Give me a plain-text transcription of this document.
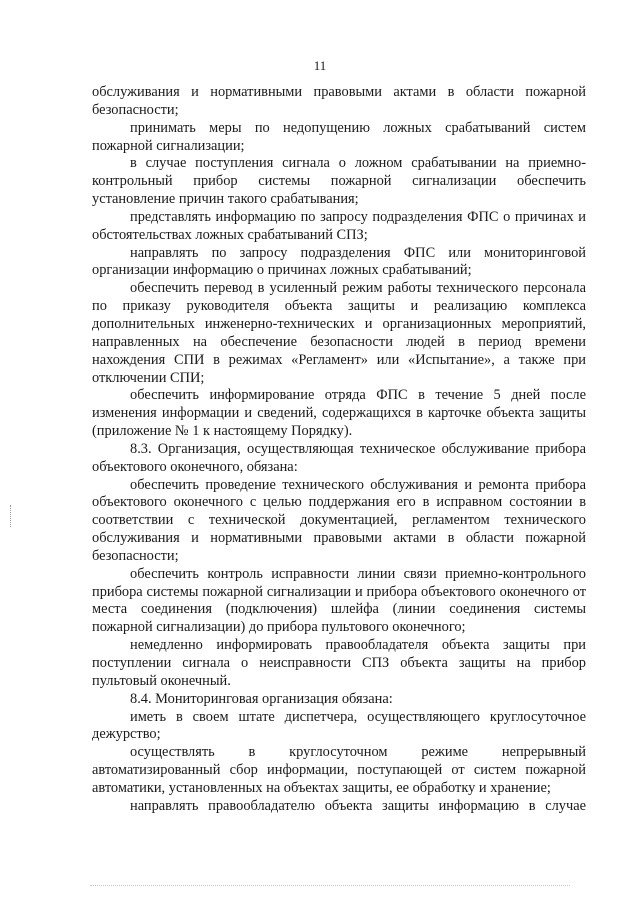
11

обслуживания и нормативными правовыми актами в области пожарной безопасности;

принимать меры по недопущению ложных срабатываний систем пожарной сигнализации;

в случае поступления сигнала о ложном срабатывании на приемно-контрольный прибор системы пожарной сигнализации обеспечить установление причин такого срабатывания;

представлять информацию по запросу подразделения ФПС о причинах и обстоятельствах ложных срабатываний СПЗ;

направлять по запросу подразделения ФПС или мониторинговой организации информацию о причинах ложных срабатываний;

обеспечить перевод в усиленный режим работы технического персонала по приказу руководителя объекта защиты и реализацию комплекса дополнительных инженерно-технических и организационных мероприятий, направленных на обеспечение безопасности людей в период времени нахождения СПИ в режимах «Регламент» или «Испытание», а также при отключении СПИ;

обеспечить информирование отряда ФПС в течение 5 дней после изменения информации и сведений, содержащихся в карточке объекта защиты (приложение № 1 к настоящему Порядку).

8.3. Организация, осуществляющая техническое обслуживание прибора объектового оконечного, обязана:

обеспечить проведение технического обслуживания и ремонта прибора объектового оконечного с целью поддержания его в исправном состоянии в соответствии с технической документацией, регламентом технического обслуживания и нормативными правовыми актами в области пожарной безопасности;

обеспечить контроль исправности линии связи приемно-контрольного прибора системы пожарной сигнализации и прибора объектового оконечного от места соединения (подключения) шлейфа (линии соединения системы пожарной сигнализации) до прибора пультового оконечного;

немедленно информировать правообладателя объекта защиты при поступлении сигнала о неисправности СПЗ объекта защиты на прибор пультовый оконечный.

8.4. Мониторинговая организация обязана:

иметь в своем штате диспетчера, осуществляющего круглосуточное дежурство;

осуществлять в круглосуточном режиме непрерывный автоматизированный сбор информации, поступающей от систем пожарной автоматики, установленных на объектах защиты, ее обработку и хранение;

направлять правообладателю объекта защиты информацию в случае
